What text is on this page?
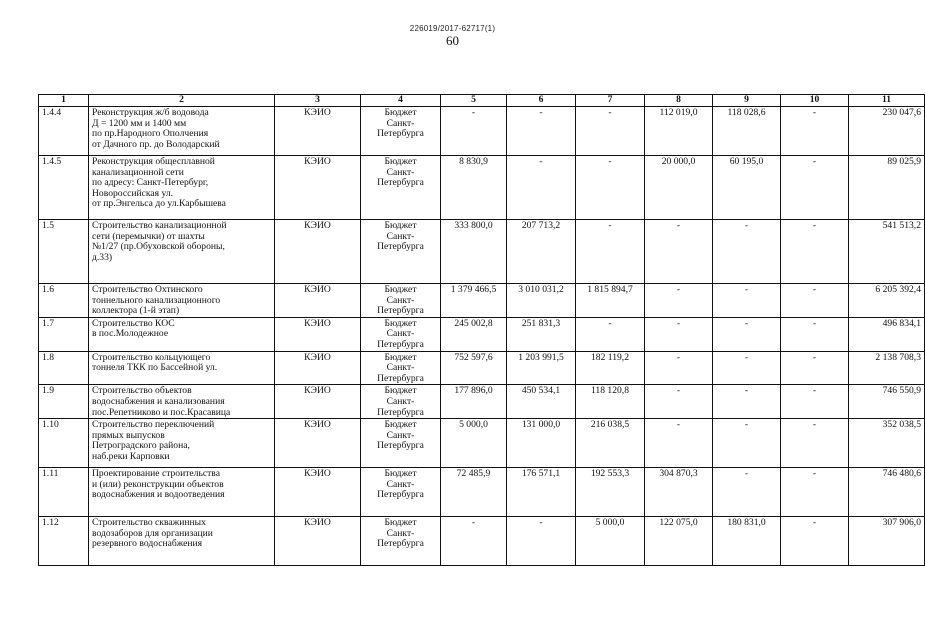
226019/2017-62717(1)
60
1	2	3	4	5	6	7	8	9	10	11
1.4.4	Реконструкция ж/б водовода
Д = 1200 мм и 1400 мм
по пр.Народного Ополчения
от Дачного пр. до Володарский	КЭИО	Бюджет
Санкт-
Петербурга	-	-	-	112 019,0	118 028,6	-	230 047,6
1.4.5	Реконструкция общесплавной
канализационной сети
по адресу: Санкт-Петербург,
Новороссийская ул.
от пр.Энгельса до ул.Карбышева	КЭИО	Бюджет
Санкт-
Петербурга	8 830,9	-	-	20 000,0	60 195,0	-	89 025,9
1.5	Строительство канализационной
сети (перемычки) от шахты
№1/27 (пр.Обуховской обороны,
д.33)	КЭИО	Бюджет
Санкт-
Петербурга	333 800,0	207 713,2	-	-	-	-	541 513,2
1.6	Строительство Охтинского
тоннельного канализационного
коллектора (1-й этап)	КЭИО	Бюджет
Санкт-
Петербурга	1 379 466,5	3 010 031,2	1 815 894,7	-	-	-	6 205 392,4
1.7	Строительство КОС
в пос.Молодежное	КЭИО	Бюджет
Санкт-
Петербурга	245 002,8	251 831,3	-	-	-	-	496 834,1
1.8	Строительство кольцующего
тоннеля ТКК по Бассейной ул.	КЭИО	Бюджет
Санкт-
Петербурга	752 597,6	1 203 991,5	182 119,2	-	-	-	2 138 708,3
1.9	Строительство объектов
водоснабжения и канализования
пос.Репетниково и пос.Красавица	КЭИО	Бюджет
Санкт-
Петербурга	177 896,0	450 534,1	118 120,8	-	-	-	746 550,9
1.10	Строительство переключений
прямых выпусков
Петроградского района,
наб.реки Карповки	КЭИО	Бюджет
Санкт-
Петербурга	5 000,0	131 000,0	216 038,5	-	-	-	352 038,5
1.11	Проектирование строительства
и (или) реконструкции объектов
водоснабжения и водоотведения	КЭИО	Бюджет
Санкт-
Петербурга	72 485,9	176 571,1	192 553,3	304 870,3	-	-	746 480,6
1.12	Строительство скважинных
водозаборов для организации
резервного водоснабжения	КЭИО	Бюджет
Санкт-
Петербурга	-	-	5 000,0	122 075,0	180 831,0	-	307 906,0
